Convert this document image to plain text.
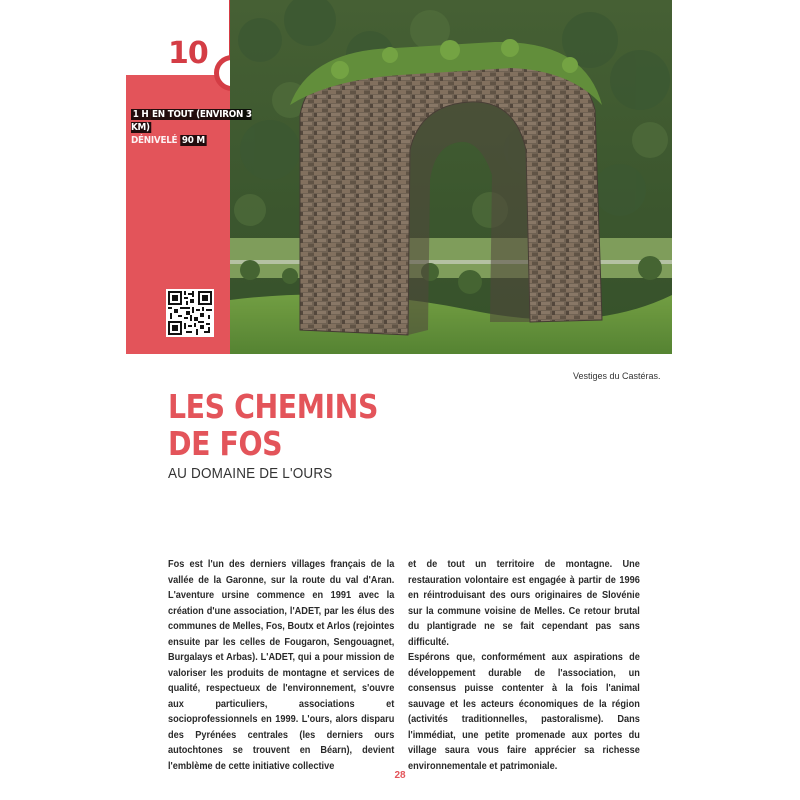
10
1 H EN TOUT (ENVIRON 3 KM)
DÉNIVELÉ 90 M
Vestiges du Castéras.
LES CHEMINS
DE FOS
AU DOMAINE DE L'OURS

Fos est l'un des derniers villages français de la vallée de la Garonne, sur la route du val d'Aran. L'aventure ursine commence en 1991 avec la création d'une association, l'ADET, par les élus des communes de Melles, Fos, Boutx et Arlos (rejointes ensuite par les celles de Fougaron, Sengouagnet, Burgalays et Arbas). L'ADET, qui a pour mission de valoriser les produits de montagne et services de qualité, respectueux de l'environnement, s'ouvre aux particuliers, associations et socioprofessionnels en 1999. L'ours, alors disparu des Pyrénées centrales (les derniers ours autochtones se trouvent en Béarn), devient l'emblème de cette initiative collective

et de tout un territoire de montagne. Une restauration volontaire est engagée à partir de 1996 en réintroduisant des ours originaires de Slovénie sur la commune voisine de Melles. Ce retour brutal du plantigrade ne se fait cependant pas sans difficulté.

Espérons que, conformément aux aspirations de développement durable de l'association, un consensus puisse contenter à la fois l'animal sauvage et les acteurs économiques de la région (activités traditionnelles, pastoralisme). Dans l'immédiat, une petite promenade aux portes du village saura vous faire apprécier sa richesse environnementale et patrimoniale.

28
